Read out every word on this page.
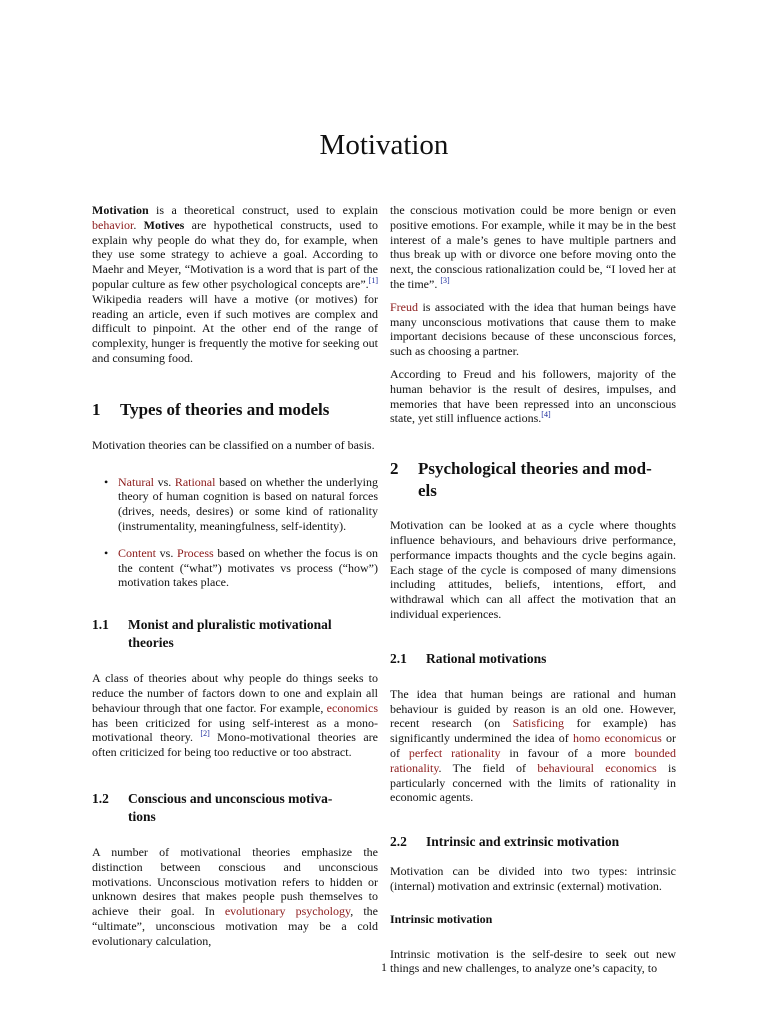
Motivation

Motivation is a theoretical construct, used to explain behavior. Motives are hypothetical constructs, used to explain why people do what they do, for example, when they use some strategy to achieve a goal. According to Maehr and Meyer, “Motivation is a word that is part of the popular culture as few other psychological concepts are”.[1] Wikipedia readers will have a motive (or motives) for reading an article, even if such motives are complex and difficult to pinpoint. At the other end of the range of complexity, hunger is frequently the motive for seeking out and consuming food.

1 Types of theories and models

Motivation theories can be classified on a number of basis.

• Natural vs. Rational based on whether the underlying theory of human cognition is based on natural forces (drives, needs, desires) or some kind of rationality (instrumentality, meaningfulness, self-identity).
• Content vs. Process based on whether the focus is on the content (“what”) motivates vs process (“how”) motivation takes place.
1.1 Monist and pluralistic motivational
theories

A class of theories about why people do things seeks to reduce the number of factors down to one and explain all behaviour through that one factor. For example, economics has been criticized for using self-interest as a mono-motivational theory. [2] Mono-motivational theories are often criticized for being too reductive or too abstract.

1.2 Conscious and unconscious motiva-
tions

A number of motivational theories emphasize the distinction between conscious and unconscious motivations. Unconscious motivation refers to hidden or unknown desires that makes people push themselves to achieve their goal. In evolutionary psychology, the “ultimate”, unconscious motivation may be a cold evolutionary calculation,

the conscious motivation could be more benign or even positive emotions. For example, while it may be in the best interest of a male’s genes to have multiple partners and thus break up with or divorce one before moving onto the next, the conscious rationalization could be, “I loved her at the time”. [3]

Freud is associated with the idea that human beings have many unconscious motivations that cause them to make important decisions because of these unconscious forces, such as choosing a partner.

According to Freud and his followers, majority of the human behavior is the result of desires, impulses, and memories that have been repressed into an unconscious state, yet still influence actions.[4]

2 Psychological theories and mod-
els

Motivation can be looked at as a cycle where thoughts influence behaviours, and behaviours drive performance, performance impacts thoughts and the cycle begins again. Each stage of the cycle is composed of many dimensions including attitudes, beliefs, intentions, effort, and withdrawal which can all affect the motivation that an individual experiences.

2.1 Rational motivations

The idea that human beings are rational and human behaviour is guided by reason is an old one. However, recent research (on Satisficing for example) has significantly undermined the idea of homo economicus or of perfect rationality in favour of a more bounded rationality. The field of behavioural economics is particularly concerned with the limits of rationality in economic agents.

2.2 Intrinsic and extrinsic motivation

Motivation can be divided into two types: intrinsic (internal) motivation and extrinsic (external) motivation.

Intrinsic motivation

Intrinsic motivation is the self-desire to seek out new things and new challenges, to analyze one’s capacity, to

1
